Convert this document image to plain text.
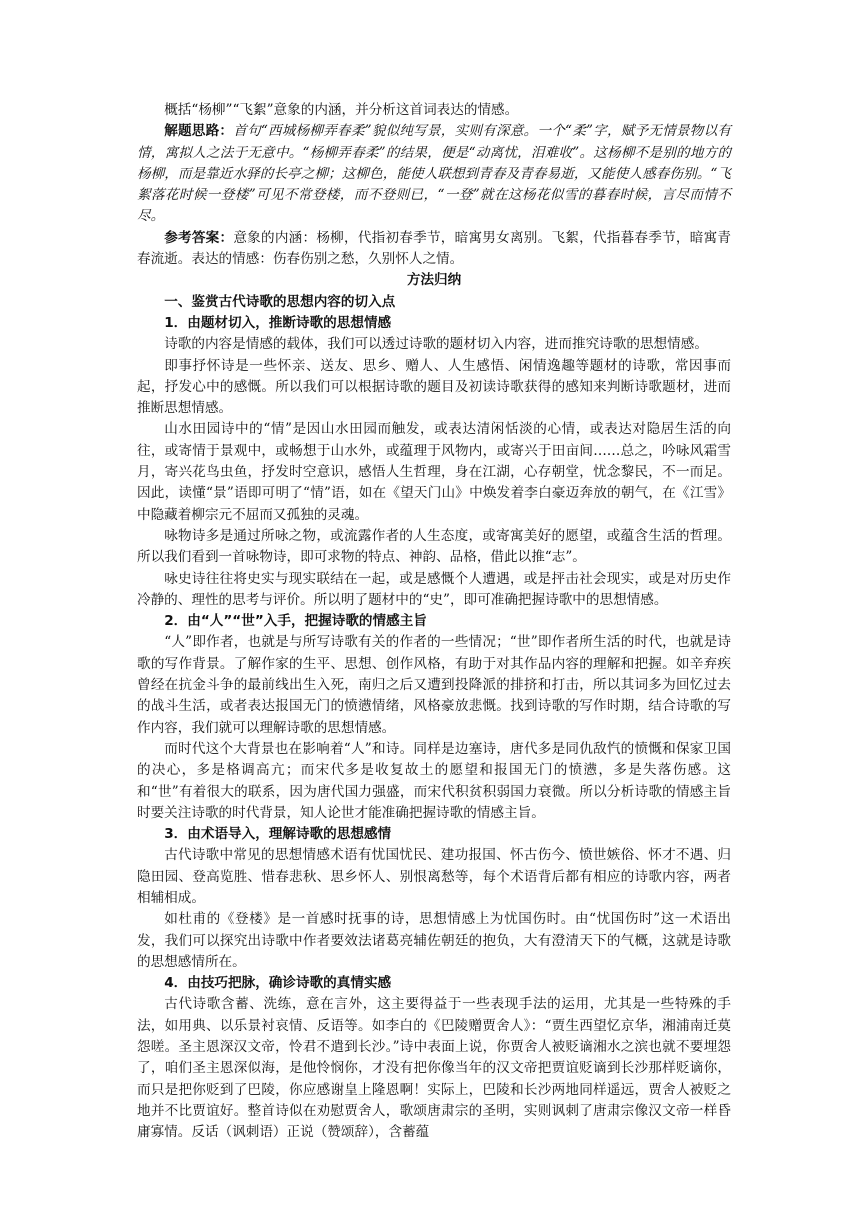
概括“杨柳”“飞絮”意象的内涵，并分析这首词表达的情感。

解题思路：首句“西城杨柳弄春柔”貌似纯写景，实则有深意。一个“柔”字，赋予无情景物以有情，寓拟人之法于无意中。“杨柳弄春柔”的结果，便是“动离忧，泪难收”。这杨柳不是别的地方的杨柳，而是靠近水驿的长亭之柳；这柳色，能使人联想到青春及青春易逝，又能使人感春伤别。“飞絮落花时候一登楼”可见不常登楼，而不登则已，“一登”就在这杨花似雪的暮春时候，言尽而情不尽。

参考答案：意象的内涵：杨柳，代指初春季节，暗寓男女离别。飞絮，代指暮春季节，暗寓青春流逝。表达的情感：伤春伤别之愁，久别怀人之情。

方法归纳

一、鉴赏古代诗歌的思想内容的切入点

1．由题材切入，推断诗歌的思想情感

诗歌的内容是情感的载体，我们可以透过诗歌的题材切入内容，进而推究诗歌的思想情感。

即事抒怀诗是一些怀亲、送友、思乡、赠人、人生感悟、闲情逸趣等题材的诗歌，常因事而起，抒发心中的感慨。所以我们可以根据诗歌的题目及初读诗歌获得的感知来判断诗歌题材，进而推断思想情感。

山水田园诗中的“情”是因山水田园而触发，或表达清闲恬淡的心情，或表达对隐居生活的向往，或寄情于景观中，或畅想于山水外，或蕴理于风物内，或寄兴于田亩间……总之，吟咏风霜雪月，寄兴花鸟虫鱼，抒发时空意识，感悟人生哲理，身在江湖，心存朝堂，忧念黎民，不一而足。因此，读懂“景”语即可明了“情”语，如在《望天门山》中焕发着李白豪迈奔放的朝气，在《江雪》中隐藏着柳宗元不屈而又孤独的灵魂。

咏物诗多是通过所咏之物，或流露作者的人生态度，或寄寓美好的愿望，或蕴含生活的哲理。所以我们看到一首咏物诗，即可求物的特点、神韵、品格，借此以推“志”。

咏史诗往往将史实与现实联结在一起，或是感慨个人遭遇，或是抨击社会现实，或是对历史作冷静的、理性的思考与评价。所以明了题材中的“史”，即可准确把握诗歌中的思想情感。

2．由“人”“世”入手，把握诗歌的情感主旨

“人”即作者，也就是与所写诗歌有关的作者的一些情况；“世”即作者所生活的时代，也就是诗歌的写作背景。了解作家的生平、思想、创作风格，有助于对其作品内容的理解和把握。如辛弃疾曾经在抗金斗争的最前线出生入死，南归之后又遭到投降派的排挤和打击，所以其词多为回忆过去的战斗生活，或者表达报国无门的愤懑情绪，风格豪放悲慨。找到诗歌的写作时期，结合诗歌的写作内容，我们就可以理解诗歌的思想情感。

而时代这个大背景也在影响着“人”和诗。同样是边塞诗，唐代多是同仇敌忾的愤慨和保家卫国的决心，多是格调高亢；而宋代多是收复故土的愿望和报国无门的愤懑，多是失落伤感。这和“世”有着很大的联系，因为唐代国力强盛，而宋代积贫积弱国力衰微。所以分析诗歌的情感主旨时要关注诗歌的时代背景，知人论世才能准确把握诗歌的情感主旨。

3．由术语导入，理解诗歌的思想感情

古代诗歌中常见的思想情感术语有忧国忧民、建功报国、怀古伤今、愤世嫉俗、怀才不遇、归隐田园、登高览胜、惜春悲秋、思乡怀人、别恨离愁等，每个术语背后都有相应的诗歌内容，两者相辅相成。

如杜甫的《登楼》是一首感时抚事的诗，思想情感上为忧国伤时。由“忧国伤时”这一术语出发，我们可以探究出诗歌中作者要效法诸葛亮辅佐朝廷的抱负，大有澄清天下的气概，这就是诗歌的思想感情所在。

4．由技巧把脉，确诊诗歌的真情实感

古代诗歌含蓄、洗练，意在言外，这主要得益于一些表现手法的运用，尤其是一些特殊的手法，如用典、以乐景衬哀情、反语等。如李白的《巴陵赠贾舍人》：“贾生西望忆京华，湘浦南迁莫怨嗟。圣主恩深汉文帝，怜君不遣到长沙。”诗中表面上说，你贾舍人被贬谪湘水之滨也就不要埋怨了，咱们圣主恩深似海，是他怜悯你，才没有把你像当年的汉文帝把贾谊贬谪到长沙那样贬谪你，而只是把你贬到了巴陵，你应感谢皇上隆恩啊！实际上，巴陵和长沙两地同样遥远，贾舍人被贬之地并不比贾谊好。整首诗似在劝慰贾舍人，歌颂唐肃宗的圣明，实则讽刺了唐肃宗像汉文帝一样昏庸寡情。反话（讽刺语）正说（赞颂辞），含蓄蕴
